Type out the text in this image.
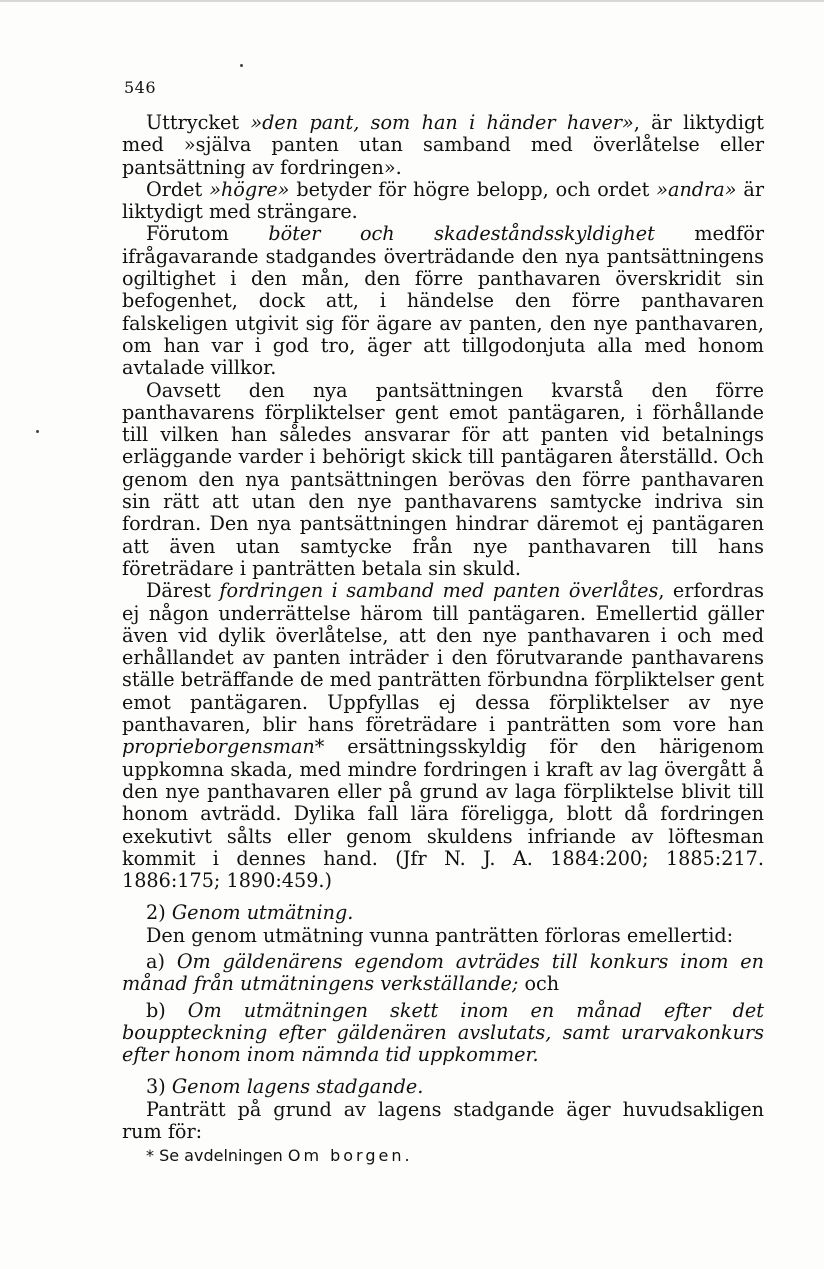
546

Uttrycket »den pant, som han i händer haver», är liktydigt med »själva panten utan samband med överlåtelse eller pantsättning av fordringen».

Ordet »högre» betyder för högre belopp, och ordet »andra» är liktydigt med strängare.

Förutom böter och skadeståndsskyldighet medför ifrågavarande stadgandes överträdande den nya pantsättningens ogiltighet i den mån, den förre panthavaren överskridit sin befogenhet, dock att, i händelse den förre panthavaren falskeligen utgivit sig för ägare av panten, den nye panthavaren, om han var i god tro, äger att tillgodonjuta alla med honom avtalade villkor.

Oavsett den nya pantsättningen kvarstå den förre panthavarens förpliktelser gent emot pantägaren, i förhållande till vilken han således ansvarar för att panten vid betalnings erläggande varder i behörigt skick till pantägaren återställd. Och genom den nya pantsättningen berövas den förre panthavaren sin rätt att utan den nye panthavarens samtycke indriva sin fordran. Den nya pantsättningen hindrar däremot ej pantägaren att även utan samtycke från nye panthavaren till hans företrädare i panträtten betala sin skuld.

Därest fordringen i samband med panten överlåtes, erfordras ej någon underrättelse härom till pantägaren. Emellertid gäller även vid dylik överlåtelse, att den nye panthavaren i och med erhållandet av panten inträder i den förutvarande panthavarens ställe beträffande de med panträtten förbundna förpliktelser gent emot pantägaren. Uppfyllas ej dessa förpliktelser av nye panthavaren, blir hans företrädare i panträtten som vore han proprieborgensman* ersättningsskyldig för den härigenom uppkomna skada, med mindre fordringen i kraft av lag övergått å den nye panthavaren eller på grund av laga förpliktelse blivit till honom avträdd. Dylika fall lära föreligga, blott då fordringen exekutivt sålts eller genom skuldens infriande av löftesman kommit i dennes hand. (Jfr N. J. A. 1884:200; 1885:217. 1886:175; 1890:459.)

2) Genom utmätning.

Den genom utmätning vunna panträtten förloras emellertid:

a) Om gäldenärens egendom avträdes till konkurs inom en månad från utmätningens verkställande; och

b) Om utmätningen skett inom en månad efter det bouppteckning efter gäldenären avslutats, samt urarvakonkurs efter honom inom nämnda tid uppkommer.

3) Genom lagens stadgande.

Panträtt på grund av lagens stadgande äger huvudsakligen rum för:

* Se avdelningen Om borgen.
